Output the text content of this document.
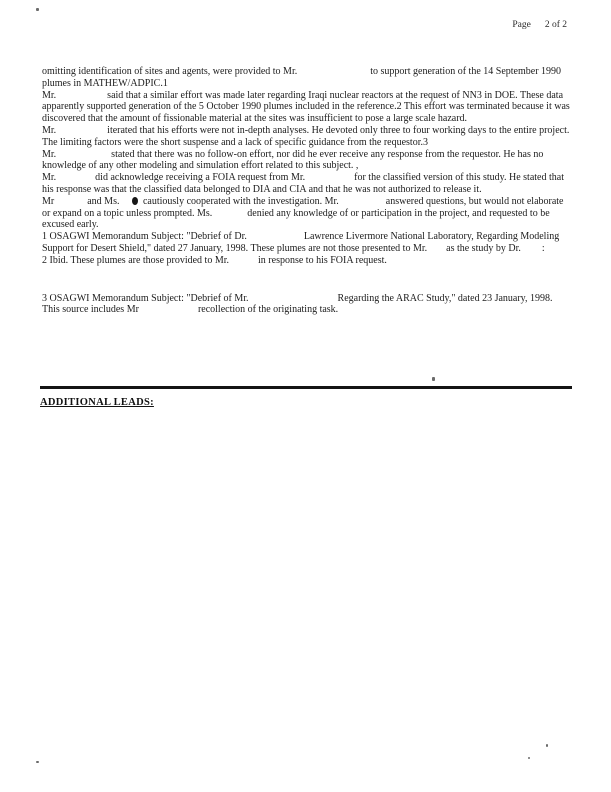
Page 2 of 2
omitting identification of sites and agents, were provided to Mr.	to support generation of the 14 September 1990 plumes in MATHEW/ADPIC.1
Mr.	said that a similar effort was made later regarding Iraqi nuclear reactors at the request of NN3 in DOE. These data apparently supported generation of the 5 October 1990 plumes included in the reference.2 This effort was terminated because it was discovered that the amount of fissionable material at the sites was insufficient to pose a large scale hazard.
Mr.	iterated that his efforts were not in-depth analyses. He devoted only three to four working days to the entire project. The limiting factors were the short suspense and a lack of specific guidance from the requestor.3
Mr.	stated that there was no follow-on effort, nor did he ever receive any response from the requestor. He has no knowledge of any other modeling and simulation effort related to this subject. ,
Mr.	did acknowledge receiving a FOIA request from Mr.	for the classified version of this study. He stated that his response was that the classified data belonged to DIA and CIA and that he was not authorized to release it.
Mr	and Ms. cautiously cooperated with the investigation. Mr.	answered questions, but would not elaborate or expand on a topic unless prompted. Ms.	denied any knowledge of or participation in the project, and requested to be excused early.
1 OSAGWI Memorandum Subject: "Debrief of Dr.	Lawrence Livermore National Laboratory, Regarding Modeling Support for Desert Shield," dated 27 January, 1998. These plumes are not those presented to Mr. as the study by Dr. :
2 Ibid. These plumes are those provided to Mr.	in response to his FOIA request.
3 OSAGWI Memorandum Subject: "Debrief of Mr.	Regarding the ARAC Study," dated 23 January, 1998. This source includes Mr	recollection of the originating task.
ADDITIONAL LEADS:
